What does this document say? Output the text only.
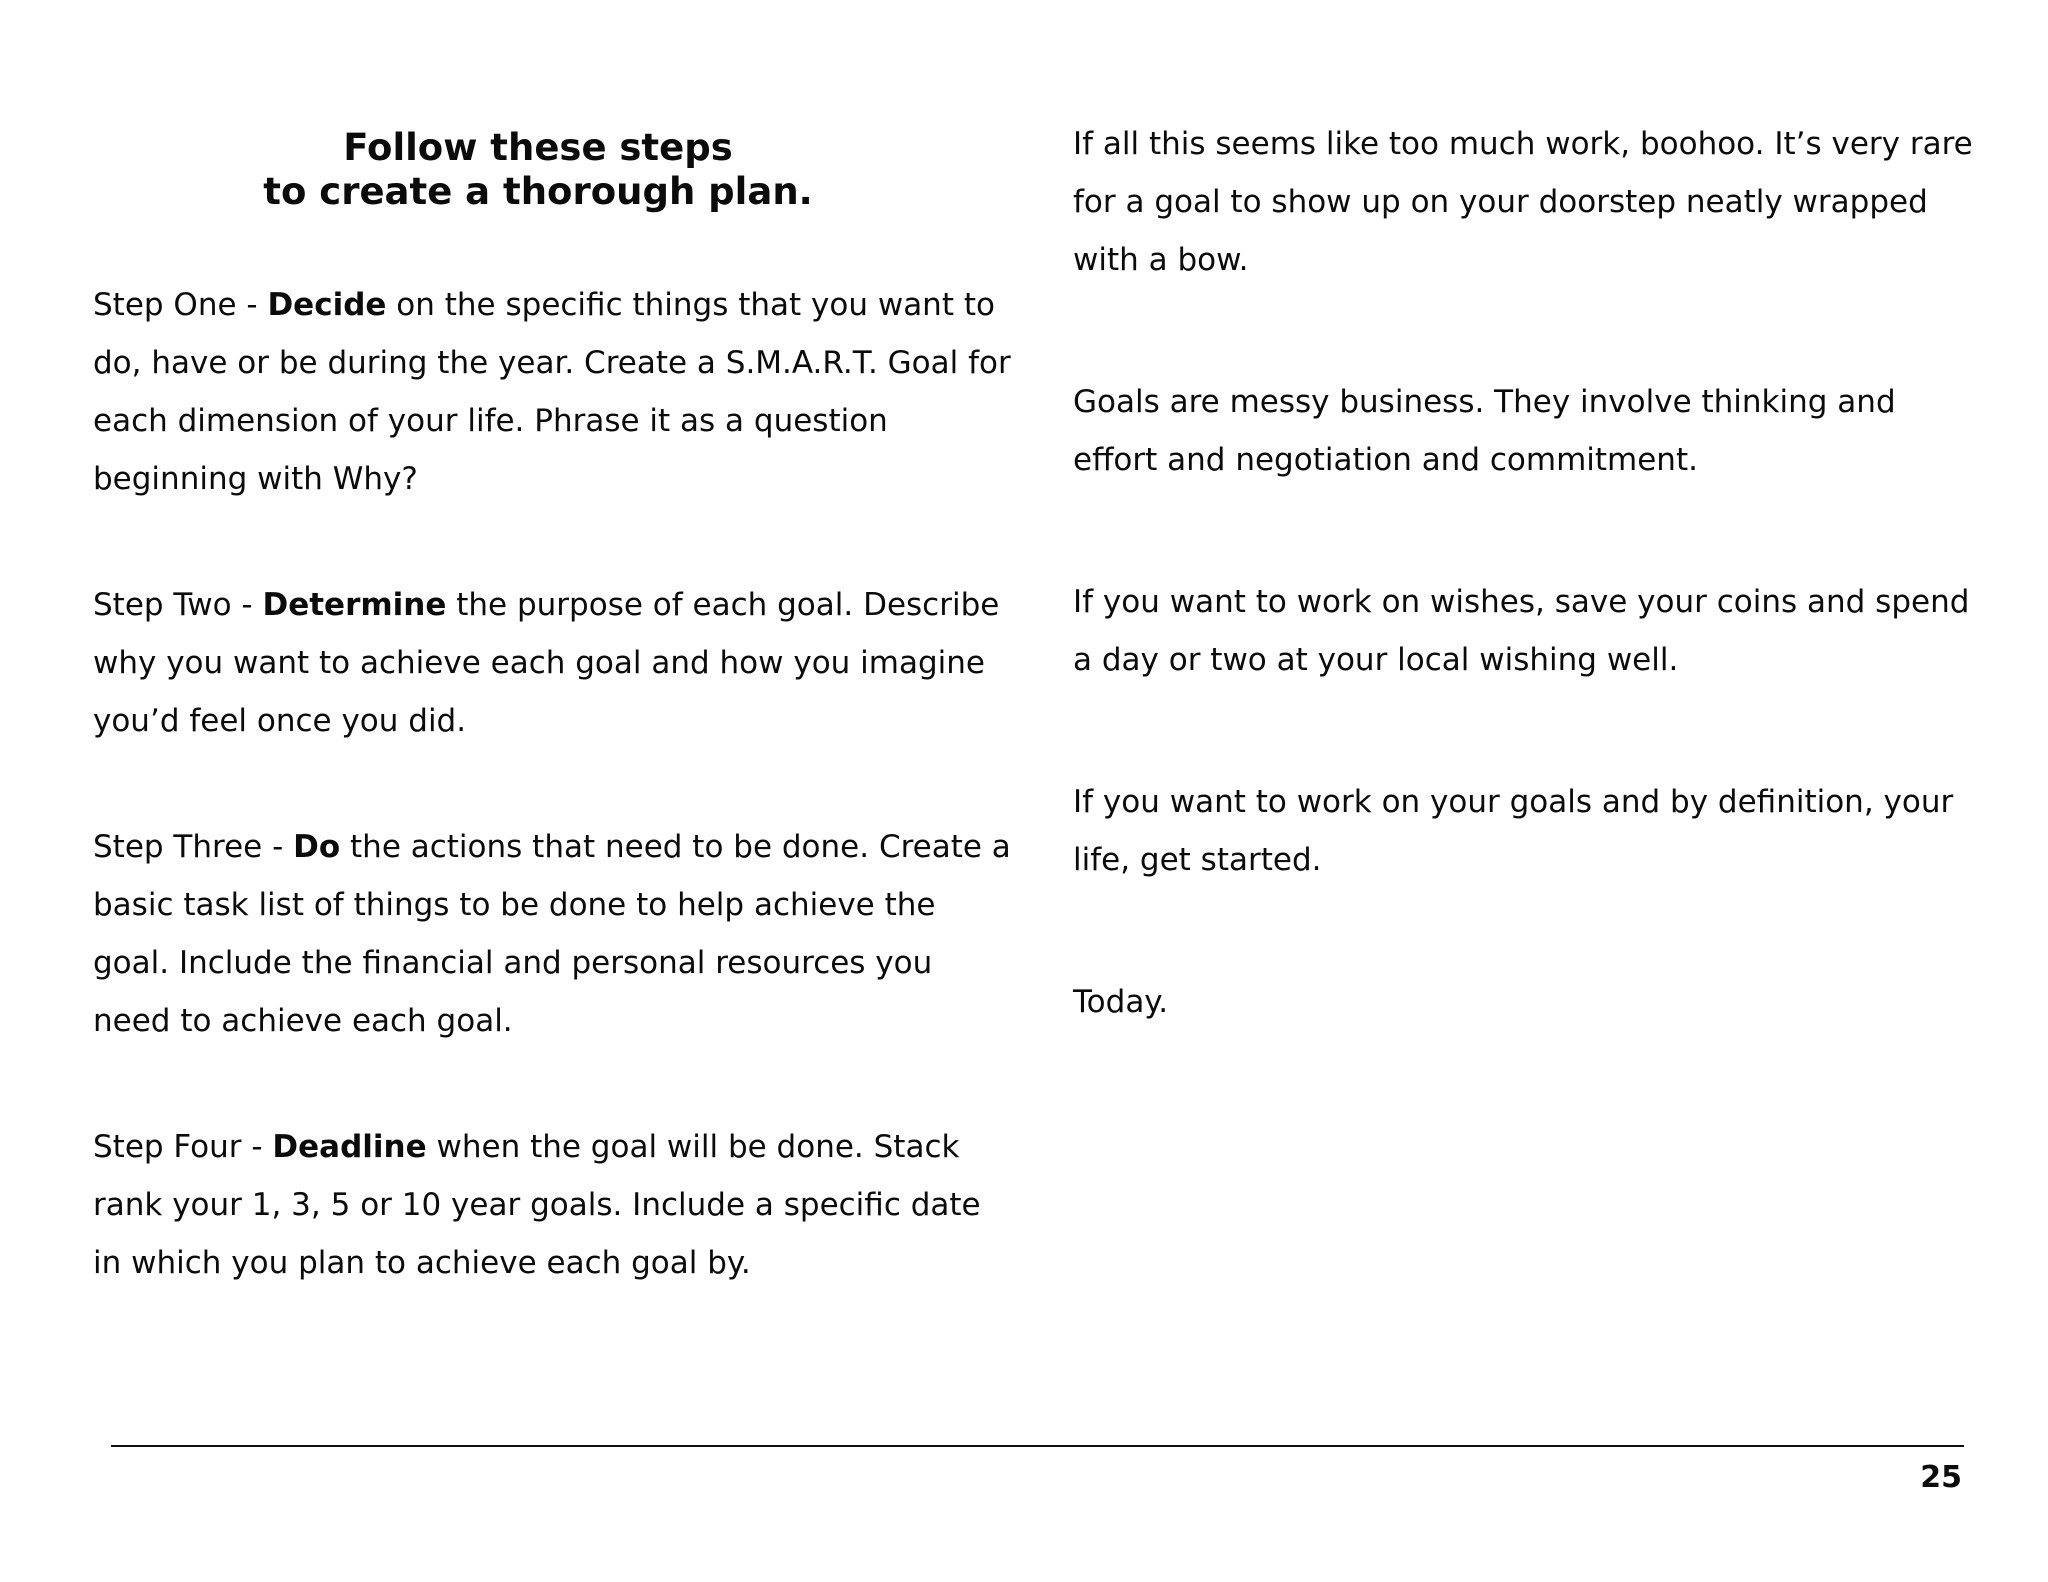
Follow these steps
to create a thorough plan.

Step One - Decide on the specific things that you want to do, have or be during the year. Create a S.M.A.R.T. Goal for each dimension of your life. Phrase it as a question beginning with Why?

Step Two - Determine the purpose of each goal. Describe why you want to achieve each goal and how you imagine you’d feel once you did.

Step Three - Do the actions that need to be done. Create a basic task list of things to be done to help achieve the goal. Include the financial and personal resources you need to achieve each goal.

Step Four - Deadline when the goal will be done. Stack rank your 1, 3, 5 or 10 year goals. Include a specific date in which you plan to achieve each goal by.

If all this seems like too much work, boohoo. It’s very rare for a goal to show up on your doorstep neatly wrapped with a bow.

Goals are messy business. They involve thinking and effort and negotiation and commitment.

If you want to work on wishes, save your coins and spend a day or two at your local wishing well.

If you want to work on your goals and by definition, your life, get started.

Today.

25
